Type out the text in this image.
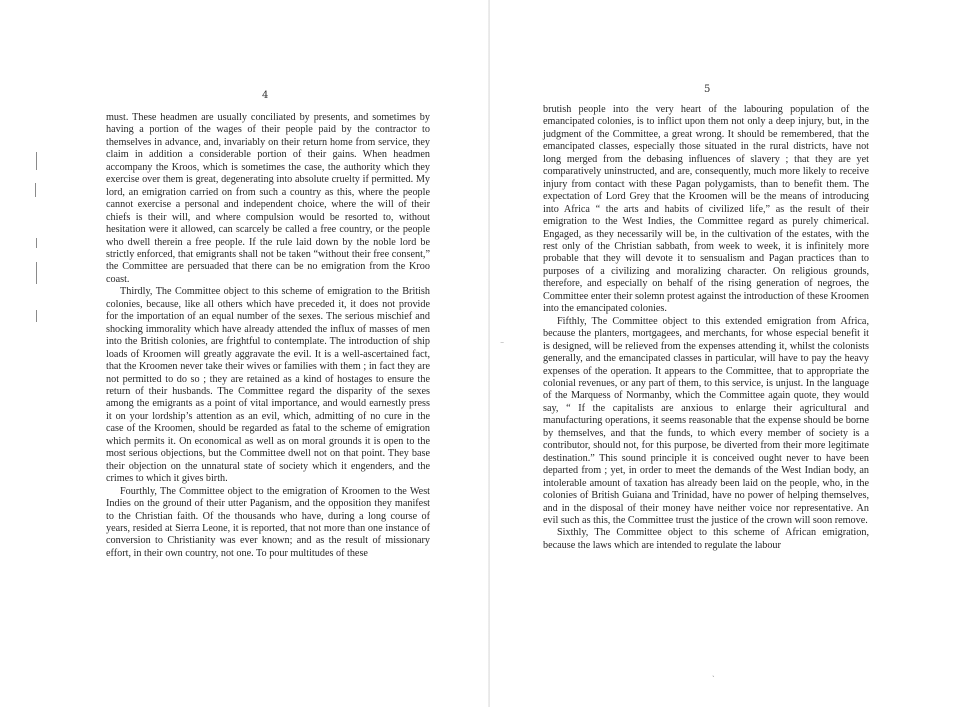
4

must. These headmen are usually conciliated by presents, and sometimes by having a portion of the wages of their people paid by the contractor to themselves in advance, and, invariably on their return home from service, they claim in addition a considerable portion of their gains. When headmen accompany the Kroos, which is sometimes the case, the authority which they exercise over them is great, degenerating into absolute cruelty if permitted. My lord, an emigration carried on from such a country as this, where the people cannot exercise a personal and independent choice, where the will of their chiefs is their will, and where compulsion would be resorted to, without hesitation were it allowed, can scarcely be called a free country, or the people who dwell therein a free people. If the rule laid down by the noble lord be strictly enforced, that emigrants shall not be taken “without their free consent,” the Committee are persuaded that there can be no emigration from the Kroo coast.

Thirdly, The Committee object to this scheme of emigration to the British colonies, because, like all others which have preceded it, it does not provide for the importation of an equal number of the sexes. The serious mischief and shocking immorality which have already attended the influx of masses of men into the British colonies, are frightful to contemplate. The introduction of ship loads of Kroomen will greatly aggravate the evil. It is a well-ascertained fact, that the Kroomen never take their wives or families with them ; in fact they are not permitted to do so ; they are retained as a kind of hostages to ensure the return of their husbands. The Committee regard the disparity of the sexes among the emigrants as a point of vital importance, and would earnestly press it on your lordship’s attention as an evil, which, admitting of no cure in the case of the Kroomen, should be regarded as fatal to the scheme of emigration which permits it. On economical as well as on moral grounds it is open to the most serious objections, but the Committee dwell not on that point. They base their objection on the unnatural state of society which it engenders, and the crimes to which it gives birth.

Fourthly, The Committee object to the emigration of Kroomen to the West Indies on the ground of their utter Paganism, and the opposition they manifest to the Christian faith. Of the thousands who have, during a long course of years, resided at Sierra Leone, it is reported, that not more than one instance of conversion to Christianity was ever known; and as the result of missionary effort, in their own country, not one. To pour multitudes of these

5

brutish people into the very heart of the labouring population of the emancipated colonies, is to inflict upon them not only a deep injury, but, in the judgment of the Committee, a great wrong. It should be remembered, that the emancipated classes, especially those situated in the rural districts, have not long merged from the debasing influences of slavery ; that they are yet comparatively uninstructed, and are, consequently, much more likely to receive injury from contact with these Pagan polygamists, than to benefit them. The expectation of Lord Grey that the Kroomen will be the means of introducing into Africa “ the arts and habits of civilized life,” as the result of their emigration to the West Indies, the Committee regard as purely chimerical. Engaged, as they necessarily will be, in the cultivation of the estates, with the rest only of the Christian sabbath, from week to week, it is infinitely more probable that they will devote it to sensualism and Pagan practices than to purposes of a civilizing and moralizing character. On religious grounds, therefore, and especially on behalf of the rising generation of negroes, the Committee enter their solemn protest against the introduction of these Kroomen into the emancipated colonies.

Fifthly, The Committee object to this extended emigration from Africa, because the planters, mortgagees, and merchants, for whose especial benefit it is designed, will be relieved from the expenses attending it, whilst the colonists generally, and the emancipated classes in particular, will have to pay the heavy expenses of the operation. It appears to the Committee, that to appropriate the colonial revenues, or any part of them, to this service, is unjust. In the language of the Marquess of Normanby, which the Committee again quote, they would say, “ If the capitalists are anxious to enlarge their agricultural and manufacturing operations, it seems reasonable that the expense should be borne by themselves, and that the funds, to which every member of society is a contributor, should not, for this purpose, be diverted from their more legitimate destination.” This sound principle it is conceived ought never to have been departed from ; yet, in order to meet the demands of the West Indian body, an intolerable amount of taxation has already been laid on the people, who, in the colonies of British Guiana and Trinidad, have no power of helping themselves, and in the disposal of their money have neither voice nor representative. An evil such as this, the Committee trust the justice of the crown will soon remove.

Sixthly, The Committee object to this scheme of African emigration, because the laws which are intended to regulate the labour

⁻
ˎ
